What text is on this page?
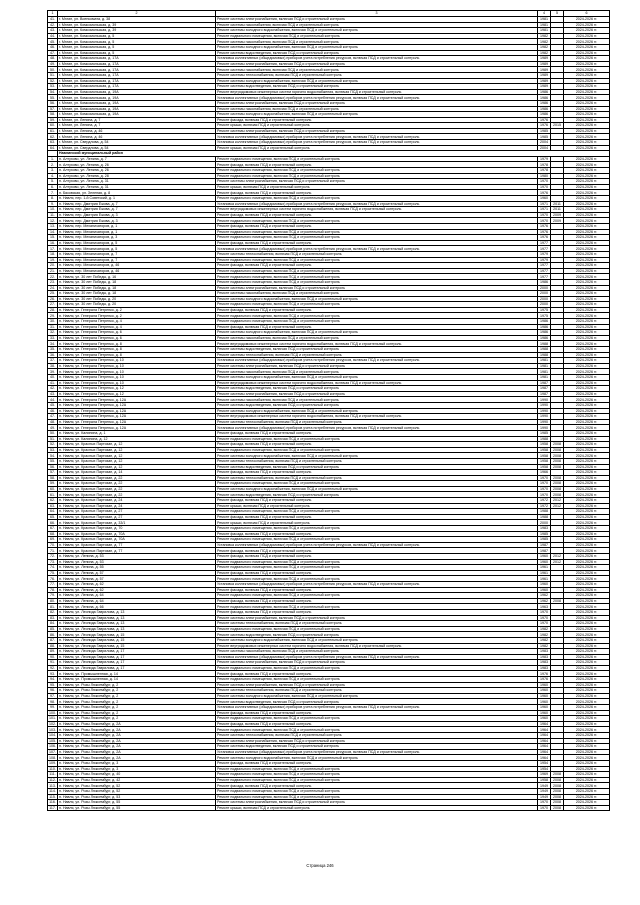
1	2	3	4	5	6
41.	г. Мглин, ул. Военкомата, д. 38	Ремонт системы электроснабжения, включая ПСД и строительный контроль	1981		2024-2026 гг.
42.	г. Мглин, ул. Комсомольская, д. 39	Ремонт системы газоснабжения, включая ПСД и строительный контроль	1981		2024-2026 гг.
43.	г. Мглин, ул. Комсомольская, д. 39	Ремонт системы холодного водоснабжения, включая ПСД и строительный контроль	1981		2024-2026 гг.
44.	г. Мглин, ул. Комсомольская, д. 5	Ремонт подвального помещения, включая ПСД и строительный контроль	1982		2024-2026 гг.
45.	г. Мглин, ул. Комсомольская, д. 5	Ремонт системы газоснабжения, включая ПСД и строительный контроль	1982		2024-2026 гг.
46.	г. Мглин, ул. Комсомольская, д. 5	Ремонт системы холодного водоснабжения, включая ПСД и строительный контроль	1982		2024-2026 гг.
47.	г. Мглин, ул. Комсомольская, д. 5	Ремонт системы водоотведения, включая ПСД и строительный контроль	1982		2024-2026 гг.
48.	г. Мглин, ул. Комсомольская, д. 17А	Установка коллективных (общедомовых) приборов учета потребления ресурсов, включая ПСД и строительный контроль	1989		2024-2026 гг.
49.	г. Мглин, ул. Комсомольская, д. 17А	Ремонт системы электроснабжения, включая ПСД и строительный контроль	1989		2024-2026 гг.
50.	г. Мглин, ул. Комсомольская, д. 17А	Ремонт системы газоснабжения, включая ПСД и строительный контроль	1989		2024-2026 гг.
51.	г. Мглин, ул. Комсомольская, д. 17А	Ремонт системы теплоснабжения, включая ПСД и строительный контроль	1989		2024-2026 гг.
52.	г. Мглин, ул. Комсомольская, д. 17А	Ремонт системы холодного водоснабжения, включая ПСД и строительный контроль	1989		2024-2026 гг.
53.	г. Мглин, ул. Комсомольская, д. 17А	Ремонт системы водоотведения, включая ПСД и строительный контроль	1989		2024-2026 гг.
54.	г. Мглин, ул. Комсомольская, д. 19А	Ремонт внутридомовых инженерных систем горячего водоснабжения, включая ПСД и строительный контроль	1986		2024-2026 гг.
55.	г. Мглин, ул. Комсомольская, д. 19А	Установка коллективных (общедомовых) приборов учета потребления ресурсов, включая ПСД и строительный контроль	1986		2024-2026 гг.
56.	г. Мглин, ул. Комсомольская, д. 19А	Ремонт системы электроснабжения, включая ПСД и строительный контроль	1986		2024-2026 гг.
57.	г. Мглин, ул. Комсомольская, д. 19А	Ремонт системы газоснабжения, включая ПСД и строительный контроль	1986		2024-2026 гг.
58.	г. Мглин, ул. Комсомольская, д. 19А	Ремонт системы холодного водоснабжения, включая ПСД и строительный контроль	1986		2024-2026 гг.
59.	г. Мглин, ул. Ленина, д. 7	Ремонт фасада, включая ПСД и строительный контроль	1976		2024-2026 гг.
60.	г. Мглин, ул. Ленина, д. 7	Ремонт крыши, включая ПСД и строительный контроль	1976	2015	2024-2026 гг.
61.	г. Мглин, ул. Ленина, д. 46	Ремонт системы электроснабжения, включая ПСД и строительный контроль	1985		2024-2026 гг.
62.	г. Мглин, ул. Ленина, д. 46	Установка коллективных (общедомовых) приборов учета потребления ресурсов, включая ПСД и строительный контроль	1985		2024-2026 гг.
63.	г. Мглин, ул. Свердлова, д. 54	Установка коллективных (общедомовых) приборов учета потребления ресурсов, включая ПСД и строительный контроль	2004		2024-2026 гг.
64.	г. Мглин, ул. Свердлова, д. 54	Ремонт крыши, включая ПСД и строительный контроль	2004		2024-2026 гг.
	Навлинский муниципальный район				
1.	п. Алтухово, ул. Ленина, д. 7	Ремонт подвального помещения, включая ПСД и строительный контроль	1979		2024-2026 гг.
2.	п. Алтухово, ул. Ленина, д. 26	Ремонт фасада, включая ПСД и строительный контроль	1978		2024-2026 гг.
3.	п. Алтухово, ул. Ленина, д. 26	Ремонт подвального помещения, включая ПСД и строительный контроль	1978		2024-2026 гг.
4.	п. Алтухово, ул. Ленина, д. 28	Ремонт подвального помещения, включая ПСД и строительный контроль	1980		2024-2026 гг.
5.	п. Алтухово, ул. Ленина, д. 31	Ремонт системы электроснабжения, включая ПСД и строительный контроль	1970		2024-2026 гг.
6.	п. Алтухово, ул. Ленина, д. 31	Ремонт крыши, включая ПСД и строительный контроль	1970		2024-2026 гг.
7.	п. Бяковская, ул. Зеленая, д. 8	Ремонт фасада, включая ПСД и строительный контроль	1976		2024-2026 гг.
8.	п. Навля, пер. 1-й Советский, д. 1	Ремонт подвального помещения, включая ПСД и строительный контроль	1960		2024-2026 гг.
9.	п. Навля, пер. Дмитрия Ежова, д. 7	Установка коллективных (общедомовых) приборов учета потребления ресурсов, включая ПСД и строительный контроль	1971	2011	2024-2026 гг.
10.	п. Навля, пер. Дмитрия Ежова, д. 7	Ремонт внутридомовых инженерных систем горячего водоснабжения, включая ПСД и строительный контроль	1971	2011	2024-2026 гг.
11.	п. Навля, пер. Дмитрия Ежова, д. 3	Ремонт фасада, включая ПСД и строительный контроль	1970	2009	2024-2026 гг.
12.	п. Навля, пер. Дмитрия Ежова, д. 3	Ремонт подвального помещения, включая ПСД и строительный контроль	1970	2009	2024-2026 гг.
13.	п. Навля, пер. Механизаторов, д. 1	Ремонт фасада, включая ПСД и строительный контроль	1976		2024-2026 гг.
14.	п. Навля, пер. Механизаторов, д. 1	Ремонт подвального помещения, включая ПСД и строительный контроль	1976		2024-2026 гг.
15.	п. Навля, пер. Механизаторов, д. 3	Ремонт подвального помещения, включая ПСД и строительный контроль	1976		2024-2026 гг.
16.	п. Навля, пер. Механизаторов, д. 5	Ремонт фасада, включая ПСД и строительный контроль	1977		2024-2026 гг.
17.	п. Навля, пер. Механизаторов, д. 5	Установка коллективных (общедомовых) приборов учета потребления ресурсов, включая ПСД и строительный контроль	1977		2024-2026 гг.
18.	п. Навля, пер. Механизаторов, д. 7	Ремонт системы теплоснабжения, включая ПСД и строительный контроль	1979		2024-2026 гг.
19.	п. Навля, пер. Механизаторов, д. 7	Ремонт подвального помещения, включая ПСД и строительный контроль	1979		2024-2026 гг.
20.	п. Навля, пер. Механизаторов, д. 46	Ремонт фасада, включая ПСД и строительный контроль	1977		2024-2026 гг.
21.	п. Навля, пер. Механизаторов, д. 46	Ремонт подвального помещения, включая ПСД и строительный контроль	1977		2024-2026 гг.
22.	п. Навля, ул. 30 лет Победы, д. 16	Ремонт подвального помещения, включая ПСД и строительный контроль	1977		2024-2026 гг.
23.	п. Навля, ул. 30 лет Победы, д. 18	Ремонт подвального помещения, включая ПСД и строительный контроль	1986		2024-2026 гг.
24.	п. Навля, ул. 30 лет Победы, д. 18	Ремонт системы электроснабжения, включая ПСД и строительный контроль	2000		2024-2026 гг.
25.	п. Навля, ул. 30 лет Победы, д. 18	Ремонт системы газоснабжения, включая ПСД и строительный контроль	2000		2024-2026 гг.
26.	п. Навля, ул. 30 лет Победы, д. 20	Ремонт системы холодного водоснабжения, включая ПСД и строительный контроль	2000		2024-2026 гг.
27.	п. Навля, ул. 30 лет Победы, д. 20	Ремонт подвального помещения, включая ПСД и строительный контроль	2000		2024-2026 гг.
28.	п. Навля, ул. Генерала Петренко, д. 2	Ремонт фасада, включая ПСД и строительный контроль	1975		2024-2026 гг.
29.	п. Навля, ул. Генерала Петренко, д. 2	Ремонт подвального помещения, включая ПСД и строительный контроль	1975		2024-2026 гг.
30.	п. Навля, ул. Генерала Петренко, д. 4	Ремонт подвального помещения, включая ПСД и строительный контроль	1986		2024-2026 гг.
31.	п. Навля, ул. Генерала Петренко, д. 4	Ремонт фасада, включая ПСД и строительный контроль	1986		2024-2026 гг.
32.	п. Навля, ул. Генерала Петренко, д. 6	Ремонт системы холодного водоснабжения, включая ПСД и строительный контроль	1986		2024-2026 гг.
33.	п. Навля, ул. Генерала Петренко, д. 6	Ремонт системы газоснабжения, включая ПСД и строительный контроль	1986		2024-2026 гг.
34.	п. Навля, ул. Генерала Петренко, д. 8	Ремонт внутридомовых инженерных систем горячего водоснабжения, включая ПСД и строительный контроль	1988		2024-2026 гг.
35.	п. Навля, ул. Генерала Петренко, д. 8	Ремонт системы водоотведения, включая ПСД и строительный контроль	1988		2024-2026 гг.
36.	п. Навля, ул. Генерала Петренко, д. 8	Ремонт системы теплоснабжения, включая ПСД и строительный контроль	1988		2024-2026 гг.
37.	п. Навля, ул. Генерала Петренко, д. 10	Установка коллективных (общедомовых) приборов учета потребления ресурсов, включая ПСД и строительный контроль	1981		2024-2026 гг.
38.	п. Навля, ул. Генерала Петренко, д. 10	Ремонт системы электроснабжения, включая ПСД и строительный контроль	1981		2024-2026 гг.
39.	п. Навля, ул. Генерала Петренко, д. 10	Ремонт системы газоснабжения, включая ПСД и строительный контроль	1981		2024-2026 гг.
40.	п. Навля, ул. Генерала Петренко, д. 10	Ремонт системы холодного водоснабжения, включая ПСД и строительный контроль	1981		2024-2026 гг.
41.	п. Навля, ул. Генерала Петренко, д. 10	Ремонт внутридомовых инженерных систем горячего водоснабжения, включая ПСД и строительный контроль	1987		2024-2026 гг.
42.	п. Навля, ул. Генерала Петренко, д. 12	Ремонт системы водоотведения, включая ПСД и строительный контроль	1987		2024-2026 гг.
43.	п. Навля, ул. Генерала Петренко, д. 12	Ремонт системы электроснабжения, включая ПСД и строительный контроль	1987		2024-2026 гг.
44.	п. Навля, ул. Генерала Петренко, д. 12А	Ремонт системы газоснабжения, включая ПСД и строительный контроль	1990		2024-2026 гг.
45.	п. Навля, ул. Генерала Петренко, д. 12А	Ремонт системы водоотведения, включая ПСД и строительный контроль	1990		2024-2026 гг.
46.	п. Навля, ул. Генерала Петренко, д. 12А	Ремонт системы холодного водоснабжения, включая ПСД и строительный контроль	1990		2024-2026 гг.
47.	п. Навля, ул. Генерала Петренко, д. 12А	Ремонт внутридомовых инженерных систем горячего водоснабжения, включая ПСД и строительный контроль	1990		2024-2026 гг.
48.	п. Навля, ул. Генерала Петренко, д. 12А	Ремонт системы теплоснабжения, включая ПСД и строительный контроль	1990		2024-2026 гг.
49.	п. Навля, ул. Генерала Петренко, д. 12А	Установка коллективных (общедомовых) приборов учета потребления ресурсов, включая ПСД и строительный контроль	1990		2024-2026 гг.
50.	п. Навля, ул. Калинина, д. 1	Ремонт фасада, включая ПСД и строительный контроль	1985		2024-2026 гг.
51.	п. Навля, ул. Калинина, д. 12	Ремонт подвального помещения, включая ПСД и строительный контроль	1988		2024-2026 гг.
52.	п. Навля, ул. Красных Партизан, д. 12	Ремонт фасада, включая ПСД и строительный контроль	1958	2008	2024-2026 гг.
53.	п. Навля, ул. Красных Партизан, д. 12	Ремонт подвального помещения, включая ПСД и строительный контроль	1958	2008	2024-2026 гг.
54.	п. Навля, ул. Красных Партизан, д. 12	Ремонт системы холодного водоснабжения, включая ПСД и строительный контроль	1958	2008	2024-2026 гг.
55.	п. Навля, ул. Красных Партизан, д. 12	Ремонт системы теплоснабжения, включая ПСД и строительный контроль	1958	2008	2024-2026 гг.
56.	п. Навля, ул. Красных Партизан, д. 12	Ремонт системы водоотведения, включая ПСД и строительный контроль	1958	2008	2024-2026 гг.
57.	п. Навля, ул. Красных Партизан, д. 14	Ремонт фасада, включая ПСД и строительный контроль	1966		2024-2026 гг.
58.	п. Навля, ул. Красных Партизан, д. 22	Ремонт системы теплоснабжения, включая ПСД и строительный контроль	1970	2008	2024-2026 гг.
59.	п. Навля, ул. Красных Партизан, д. 22	Ремонт подвального помещения, включая ПСД и строительный контроль	1970	2008	2024-2026 гг.
60.	п. Навля, ул. Красных Партизан, д. 22	Ремонт системы холодного водоснабжения, включая ПСД и строительный контроль	1970	2008	2024-2026 гг.
61.	п. Навля, ул. Красных Партизан, д. 22	Ремонт системы водоотведения, включая ПСД и строительный контроль	1970	2008	2024-2026 гг.
62.	п. Навля, ул. Красных Партизан, д. 24	Ремонт фасада, включая ПСД и строительный контроль	1972	2012	2024-2026 гг.
63.	п. Навля, ул. Красных Партизан, д. 24	Ремонт крыши, включая ПСД и строительный контроль	1972	2012	2024-2026 гг.
64.	п. Навля, ул. Красных Партизан, д. 27	Ремонт подвального помещения, включая ПСД и строительный контроль	1988		2024-2026 гг.
65.	п. Навля, ул. Красных Партизан, д. 27	Ремонт фасада, включая ПСД и строительный контроль	1988		2024-2026 гг.
66.	п. Навля, ул. Красных Партизан, д. 33/1	Ремонт крыши, включая ПСД и строительный контроль	2000		2024-2026 гг.
67.	п. Навля, ул. Красных Партизан, д. 70	Ремонт подвального помещения, включая ПСД и строительный контроль	1983		2024-2026 гг.
68.	п. Навля, ул. Красных Партизан, д. 70А	Ремонт фасада, включая ПСД и строительный контроль	1985		2024-2026 гг.
69.	п. Навля, ул. Красных Партизан, д. 70А	Ремонт подвального помещения, включая ПСД и строительный контроль	1985		2024-2026 гг.
70.	п. Навля, ул. Красных Партизан, д. 77	Установка коллективных (общедомовых) приборов учета потребления ресурсов, включая ПСД и строительный контроль	1987		2024-2026 гг.
71.	п. Навля, ул. Красных Партизан, д. 77	Ремонт фасада, включая ПСД и строительный контроль	1987		2024-2026 гг.
72.	п. Навля, ул. Ленина, д. 53	Ремонт фасада, включая ПСД и строительный контроль	1960	2012	2024-2026 гг.
73.	п. Навля, ул. Ленина, д. 53	Ремонт подвального помещения, включая ПСД и строительный контроль	1960	2012	2024-2026 гг.
74.	п. Навля, ул. Ленина, д. 55	Ремонт подвального помещения, включая ПСД и строительный контроль	1961		2024-2026 гг.
75.	п. Навля, ул. Ленина, д. 57	Ремонт фасада, включая ПСД и строительный контроль	1961		2024-2026 гг.
76.	п. Навля, ул. Ленина, д. 57	Ремонт подвального помещения, включая ПСД и строительный контроль	1961		2024-2026 гг.
77.	п. Навля, ул. Ленина, д. 62	Установка коллективных (общедомовых) приборов учета потребления ресурсов, включая ПСД и строительный контроль	1960		2024-2026 гг.
78.	п. Навля, ул. Ленина, д. 62	Ремонт фасада, включая ПСД и строительный контроль	1960		2024-2026 гг.
79.	п. Навля, ул. Ленина, д. 64	Ремонт подвального помещения, включая ПСД и строительный контроль	1962		2024-2026 гг.
80.	п. Навля, ул. Ленина, д. 64	Ремонт фасада, включая ПСД и строительный контроль	1962	2008	2024-2026 гг.
81.	п. Навля, ул. Ленина, д. 66	Ремонт подвального помещения, включая ПСД и строительный контроль	1963		2024-2026 гг.
82.	п. Навля, ул. Леонида Гаврилова, д. 13	Ремонт фасада, включая ПСД и строительный контроль	1970		2024-2026 гг.
83.	п. Навля, ул. Леонида Гаврилова, д. 13	Ремонт системы электроснабжения, включая ПСД и строительный контроль	1970		2024-2026 гг.
84.	п. Навля, ул. Леонида Гаврилова, д. 13	Ремонт системы теплоснабжения, включая ПСД и строительный контроль	1970		2024-2026 гг.
85.	п. Навля, ул. Леонида Гаврилова, д. 13	Ремонт подвального помещения, включая ПСД и строительный контроль	1982		2024-2026 гг.
86.	п. Навля, ул. Леонида Гаврилова, д. 15	Ремонт системы водоотведения, включая ПСД и строительный контроль	1982		2024-2026 гг.
87.	п. Навля, ул. Леонида Гаврилова, д. 15	Ремонт системы холодного водоснабжения, включая ПСД и строительный контроль	1982		2024-2026 гг.
88.	п. Навля, ул. Леонида Гаврилова, д. 15	Ремонт внутридомовых инженерных систем горячего водоснабжения, включая ПСД и строительный контроль	1982		2024-2026 гг.
89.	п. Навля, ул. Леонида Гаврилова, д. 17	Ремонт системы газоснабжения, включая ПСД и строительный контроль	1983		2024-2026 гг.
90.	п. Навля, ул. Леонида Гаврилова, д. 17	Установка коллективных (общедомовых) приборов учета потребления ресурсов, включая ПСД и строительный контроль	1983		2024-2026 гг.
91.	п. Навля, ул. Леонида Гаврилова, д. 17	Ремонт системы электроснабжения, включая ПСД и строительный контроль	1983		2024-2026 гг.
92.	п. Навля, ул. Леонида Гаврилова, д. 17	Ремонт подвального помещения, включая ПСД и строительный контроль	1983		2024-2026 гг.
93.	п. Навля, ул. Промышленная, д. 14	Ремонт фасада, включая ПСД и строительный контроль	1976		2024-2026 гг.
94.	п. Навля, ул. Промышленная, д. 14	Ремонт подвального помещения, включая ПСД и строительный контроль	1976		2024-2026 гг.
95.	п. Навля, ул. Розы Люксембург, д. 2	Ремонт системы электроснабжения, включая ПСД и строительный контроль	1960		2024-2026 гг.
96.	п. Навля, ул. Розы Люксембург, д. 2	Ремонт системы теплоснабжения, включая ПСД и строительный контроль	1960		2024-2026 гг.
97.	п. Навля, ул. Розы Люксембург, д. 2	Ремонт системы холодного водоснабжения, включая ПСД и строительный контроль	1960		2024-2026 гг.
98.	п. Навля, ул. Розы Люксембург, д. 2	Ремонт системы водоотведения, включая ПСД и строительный контроль	1960		2024-2026 гг.
99.	п. Навля, ул. Розы Люксембург, д. 2	Установка коллективных (общедомовых) приборов учета потребления ресурсов, включая ПСД и строительный контроль	1960		2024-2026 гг.
100.	п. Навля, ул. Розы Люксембург, д. 2	Ремонт фасада, включая ПСД и строительный контроль	1960		2024-2026 гг.
101.	п. Навля, ул. Розы Люксембург, д. 2	Ремонт подвального помещения, включая ПСД и строительный контроль	1960		2024-2026 гг.
102.	п. Навля, ул. Розы Люксембург, д. 2А	Ремонт фасада, включая ПСД и строительный контроль	1964		2024-2026 гг.
103.	п. Навля, ул. Розы Люксембург, д. 2А	Ремонт подвального помещения, включая ПСД и строительный контроль	1964		2024-2026 гг.
104.	п. Навля, ул. Розы Люксембург, д. 2А	Ремонт системы теплоснабжения, включая ПСД и строительный контроль	1964		2024-2026 гг.
105.	п. Навля, ул. Розы Люксембург, д. 2А	Ремонт системы электроснабжения, включая ПСД и строительный контроль	1964		2024-2026 гг.
106.	п. Навля, ул. Розы Люксембург, д. 2А	Ремонт системы водоотведения, включая ПСД и строительный контроль	1964		2024-2026 гг.
107.	п. Навля, ул. Розы Люксембург, д. 2А	Установка коллективных (общедомовых) приборов учета потребления ресурсов, включая ПСД и строительный контроль	1964		2024-2026 гг.
108.	п. Навля, ул. Розы Люксембург, д. 2А	Ремонт системы холодного водоснабжения, включая ПСД и строительный контроль	1964		2024-2026 гг.
109.	п. Навля, ул. Розы Люксембург, д. 3	Ремонт фасада, включая ПСД и строительный контроль	1954		2024-2026 гг.
110.	п. Навля, ул. Розы Люксембург, д. 3	Ремонт подвального помещения, включая ПСД и строительный контроль	1954		2024-2026 гг.
111.	п. Навля, ул. Розы Люксембург, д. 40	Ремонт подвального помещения, включая ПСД и строительный контроль	1969	2008	2024-2026 гг.
112.	п. Навля, ул. Розы Люксембург, д. 42	Ремонт подвального помещения, включая ПСД и строительный контроль	1958	2008	2024-2026 гг.
113.	п. Навля, ул. Розы Люксембург, д. 52	Ремонт фасада, включая ПСД и строительный контроль	1949	2008	2024-2026 гг.
114.	п. Навля, ул. Розы Люксембург, д. 52	Ремонт подвального помещения, включая ПСД и строительный контроль	1949	2008	2024-2026 гг.
115.	п. Навля, ул. Розы Люксембург, д. 53	Ремонт подвального помещения, включая ПСД и строительный контроль	1949	2008	2024-2026 гг.
116.	п. Навля, ул. Розы Люксембург, д. 55	Ремонт системы электроснабжения, включая ПСД и строительный контроль	1970	2008	2024-2026 гг.
117.	п. Навля, ул. Розы Люксембург, д. 55	Ремонт крыши, включая ПСД и строительный контроль	1970	2008	2024-2026 гг.
Страница 246
